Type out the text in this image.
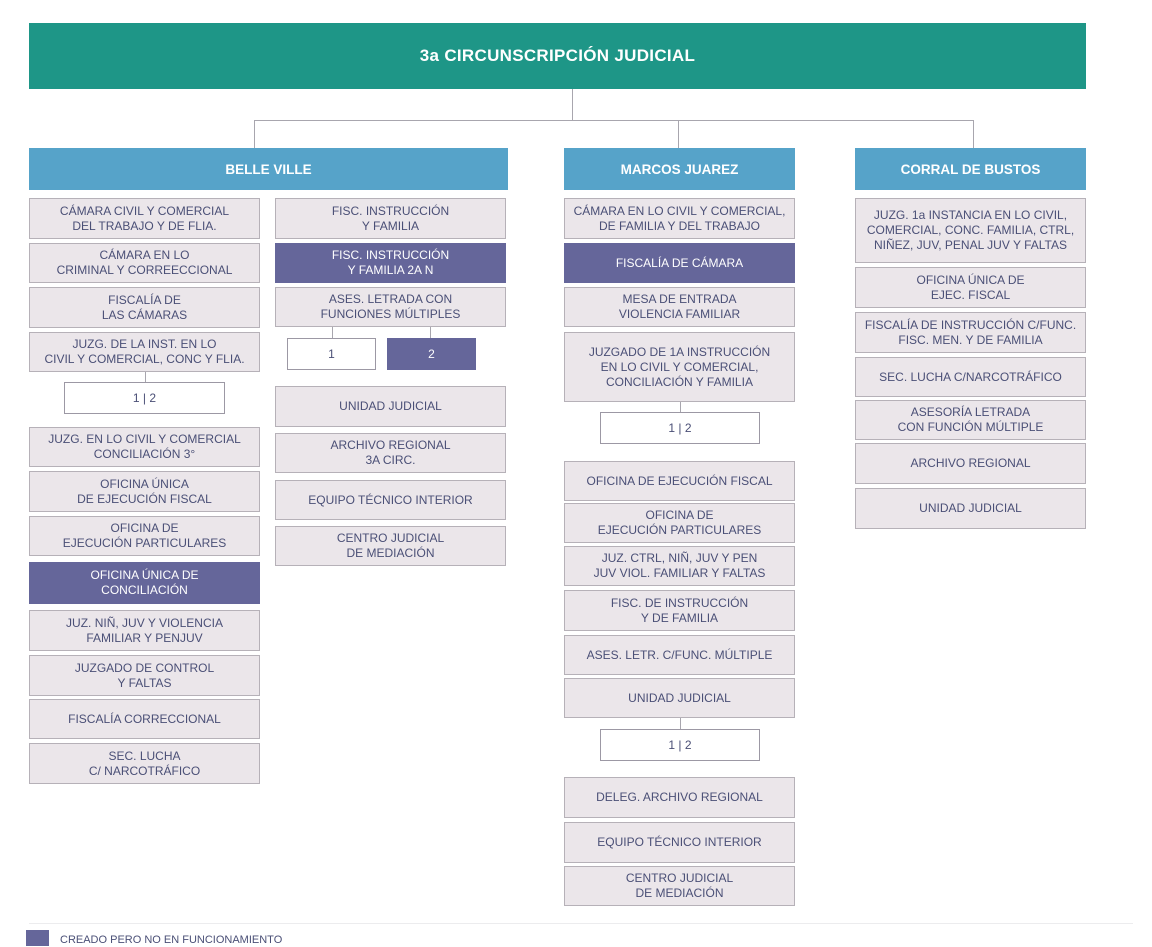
3a CIRCUNSCRIPCIÓN JUDICIAL
BELLE VILLE	MARCOS JUAREZ	CORRAL DE BUSTOS
CÁMARA CIVIL Y COMERCIAL
DEL TRABAJO Y DE FLIA.
CÁMARA EN LO
CRIMINAL Y CORREECCIONAL
FISCALÍA DE
LAS CÁMARAS
JUZG. DE LA INST. EN LO
CIVIL Y COMERCIAL, CONC Y FLIA.
1 | 2
JUZG. EN LO CIVIL Y COMERCIAL
CONCILIACIÓN 3°
OFICINA ÚNICA
DE EJECUCIÓN FISCAL
OFICINA DE
EJECUCIÓN PARTICULARES
OFICINA ÚNICA DE
CONCILIACIÓN
JUZ. NIÑ, JUV Y VIOLENCIA
FAMILIAR Y PENJUV
JUZGADO DE CONTROL
Y FALTAS
FISCALÍA CORRECCIONAL
SEC. LUCHA
C/ NARCOTRÁFICO
FISC. INSTRUCCIÓN
Y FAMILIA
FISC. INSTRUCCIÓN
Y FAMILIA 2A N
ASES. LETRADA CON
FUNCIONES MÚLTIPLES
1	2
UNIDAD JUDICIAL
ARCHIVO REGIONAL
3A CIRC.
EQUIPO TÉCNICO INTERIOR
CENTRO JUDICIAL
DE MEDIACIÓN
CÁMARA EN LO CIVIL Y COMERCIAL,
DE FAMILIA Y DEL TRABAJO
FISCALÍA DE CÁMARA
MESA DE ENTRADA
VIOLENCIA FAMILIAR
JUZGADO DE 1A INSTRUCCIÓN
EN LO CIVIL Y COMERCIAL,
CONCILIACIÓN Y FAMILIA
1 | 2
OFICINA DE EJECUCIÓN FISCAL
OFICINA DE
EJECUCIÓN PARTICULARES
JUZ. CTRL, NIÑ, JUV Y PEN
JUV VIOL. FAMILIAR Y FALTAS
FISC. DE INSTRUCCIÓN
Y DE FAMILIA
ASES. LETR. C/FUNC. MÚLTIPLE
UNIDAD JUDICIAL
1 | 2
DELEG. ARCHIVO REGIONAL
EQUIPO TÉCNICO INTERIOR
CENTRO JUDICIAL
DE MEDIACIÓN
JUZG. 1a INSTANCIA EN LO CIVIL,
COMERCIAL, CONC. FAMILIA, CTRL,
NIÑEZ, JUV, PENAL JUV Y FALTAS
OFICINA ÚNICA DE
EJEC. FISCAL
FISCALÍA DE INSTRUCCIÓN C/FUNC.
FISC. MEN. Y DE FAMILIA
SEC. LUCHA C/NARCOTRÁFICO
ASESORÍA LETRADA
CON FUNCIÓN MÚLTIPLE
ARCHIVO REGIONAL
UNIDAD JUDICIAL
CREADO PERO NO EN FUNCIONAMIENTO
